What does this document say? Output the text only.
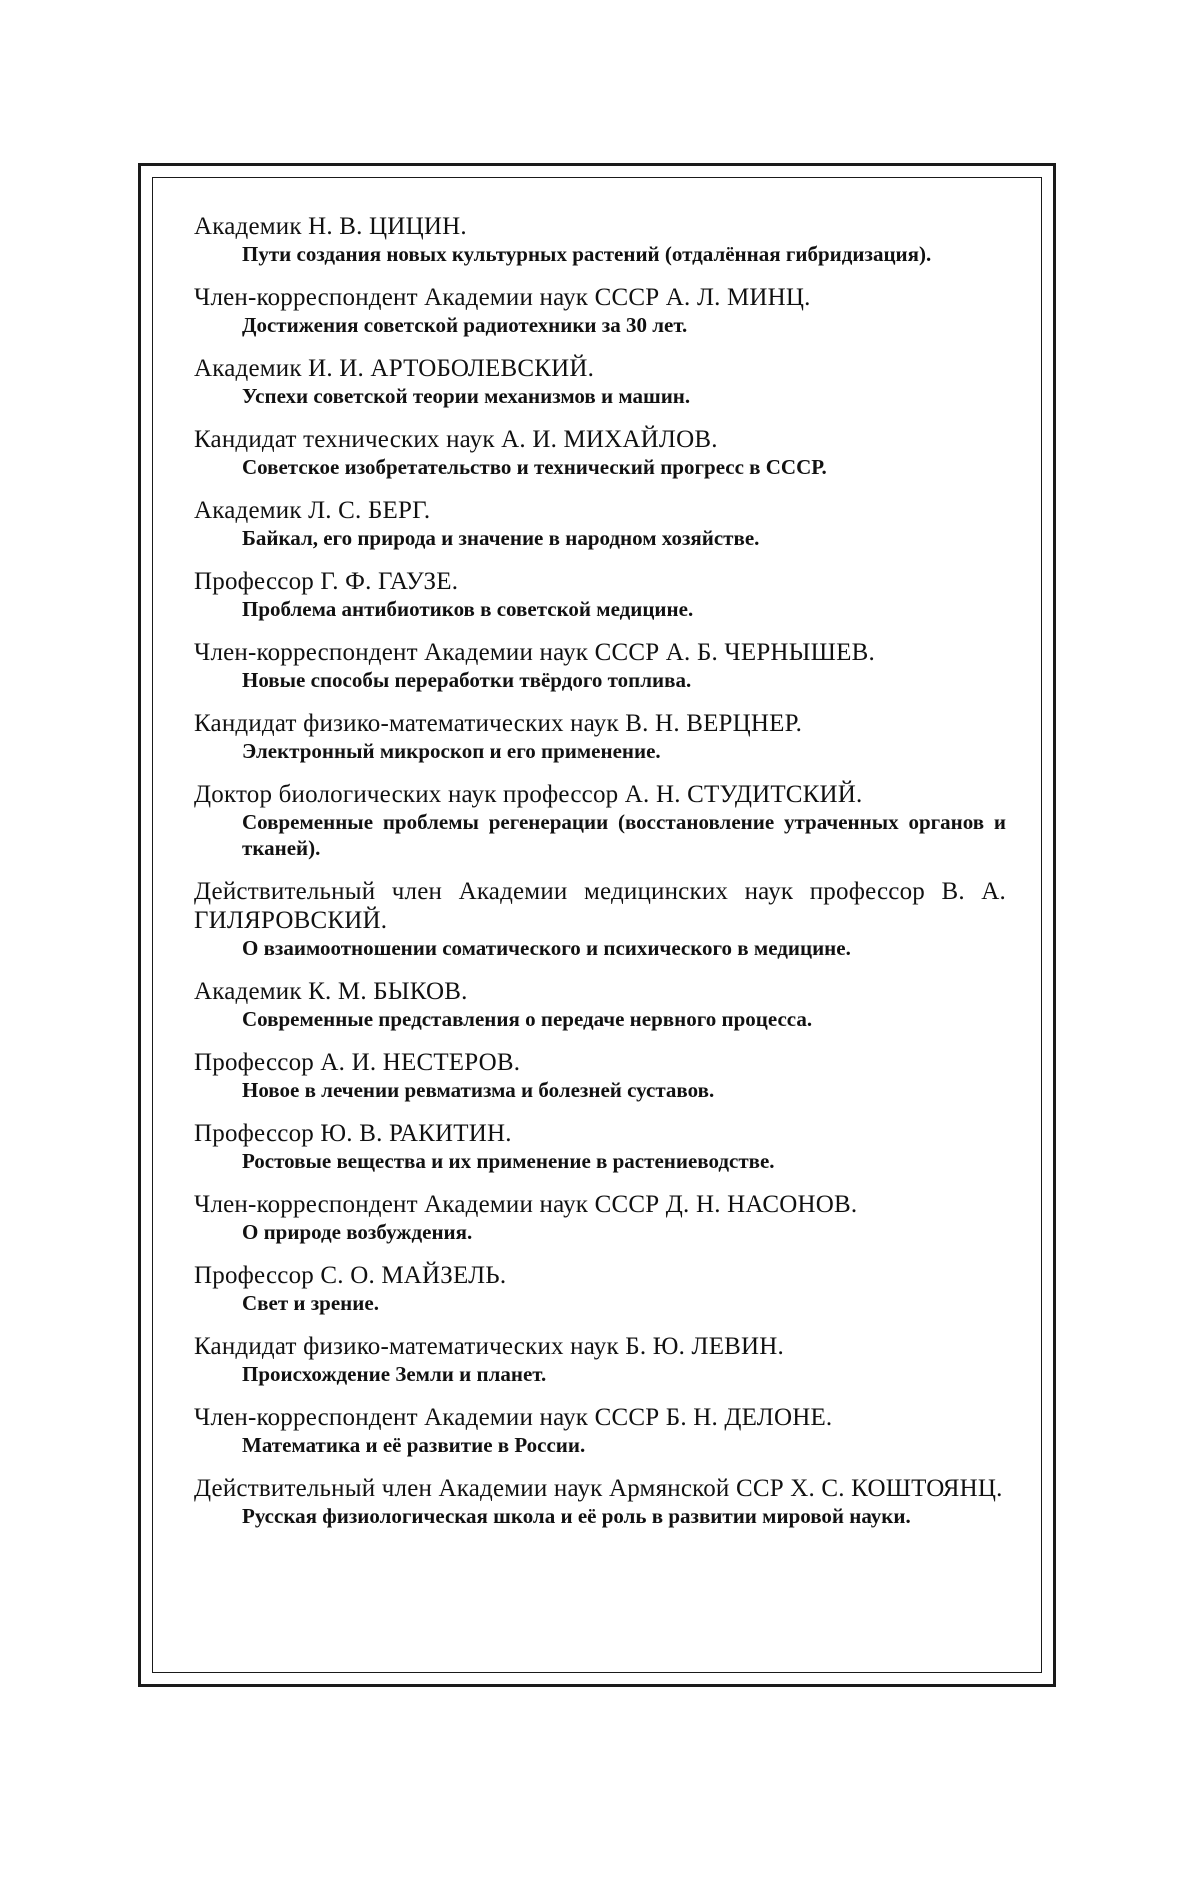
Академик Н. В. ЦИЦИН.
Пути создания новых культурных растений (отдалённая гибридизация).
Член-корреспондент Академии наук СССР А. Л. МИНЦ.
Достижения советской радиотехники за 30 лет.
Академик И. И. АРТОБОЛЕВСКИЙ.
Успехи советской теории механизмов и машин.
Кандидат технических наук А. И. МИХАЙЛОВ.
Советское изобретательство и технический прогресс в СССР.
Академик Л. С. БЕРГ.
Байкал, его природа и значение в народном хозяйстве.
Профессор Г. Ф. ГАУЗЕ.
Проблема антибиотиков в советской медицине.
Член-корреспондент Академии наук СССР А. Б. ЧЕРНЫШЕВ.
Новые способы переработки твёрдого топлива.
Кандидат физико-математических наук В. Н. ВЕРЦНЕР.
Электронный микроскоп и его применение.
Доктор биологических наук профессор А. Н. СТУДИТСКИЙ.
Современные проблемы регенерации (восстановление утраченных органов и тканей).
Действительный член Академии медицинских наук профессор В. А. ГИЛЯРОВСКИЙ.
О взаимоотношении соматического и психического в медицине.
Академик К. М. БЫКОВ.
Современные представления о передаче нервного процесса.
Профессор А. И. НЕСТЕРОВ.
Новое в лечении ревматизма и болезней суставов.
Профессор Ю. В. РАКИТИН.
Ростовые вещества и их применение в растениеводстве.
Член-корреспондент Академии наук СССР Д. Н. НАСОНОВ.
О природе возбуждения.
Профессор С. О. МАЙЗЕЛЬ.
Свет и зрение.
Кандидат физико-математических наук Б. Ю. ЛЕВИН.
Происхождение Земли и планет.
Член-корреспондент Академии наук СССР Б. Н. ДЕЛОНЕ.
Математика и её развитие в России.
Действительный член Академии наук Армянской ССР Х. С. КОШТОЯНЦ.
Русская физиологическая школа и её роль в развитии мировой науки.
